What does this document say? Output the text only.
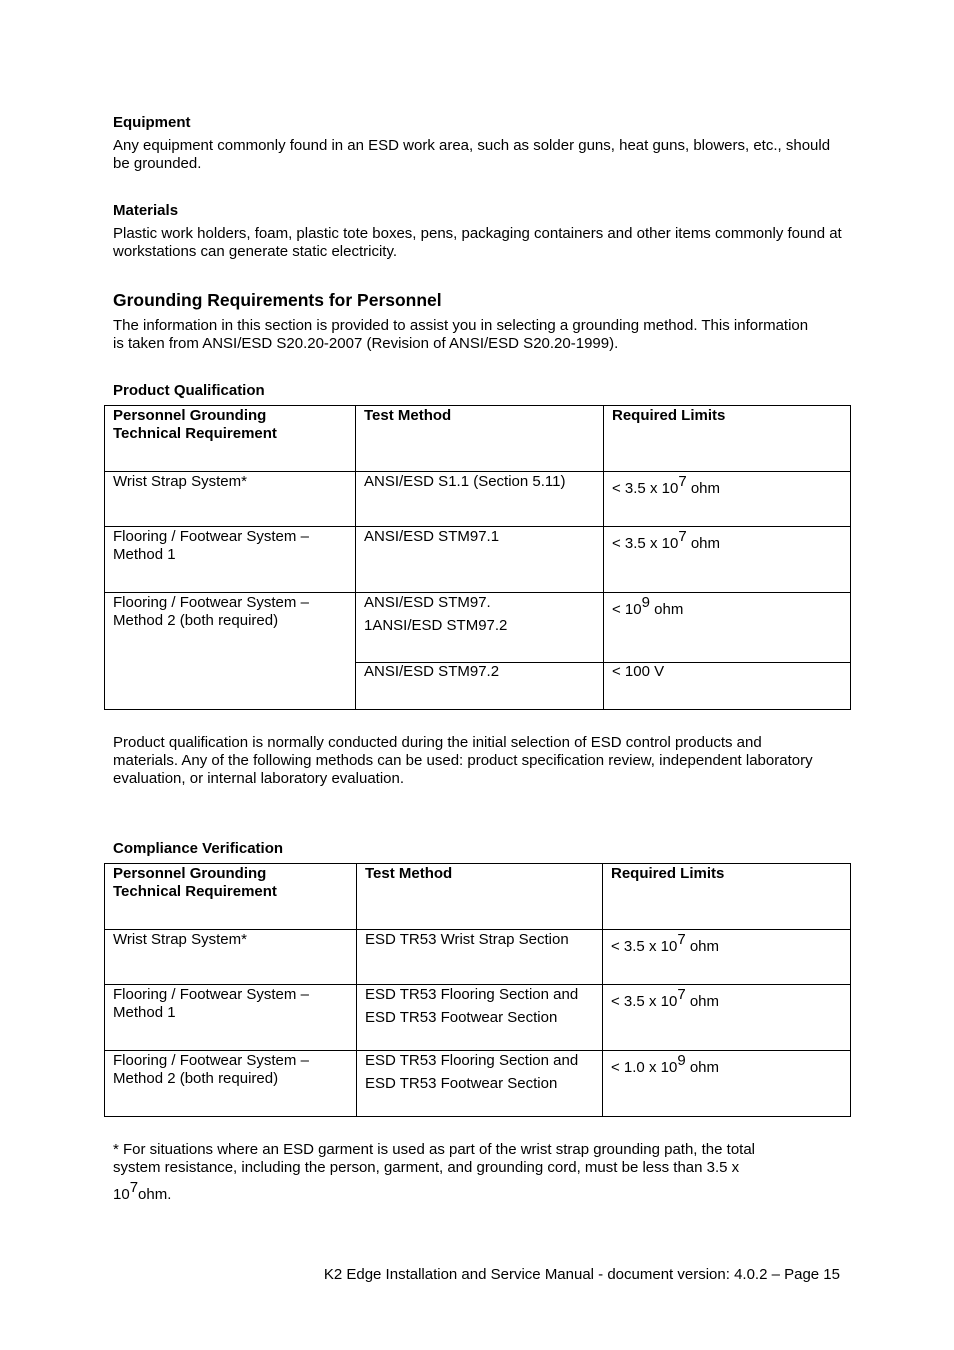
Equipment
Any equipment commonly found in an ESD work area, such as solder guns, heat guns, blowers, etc., should be grounded.
Materials
Plastic work holders, foam, plastic tote boxes, pens, packaging containers and other items commonly found at workstations can generate static electricity.
Grounding Requirements for Personnel
The information in this section is provided to assist you in selecting a grounding method. This information is taken from ANSI/ESD S20.20-2007 (Revision of ANSI/ESD S20.20-1999).
Product Qualification
Personnel Grounding
Technical Requirement	Test Method	Required Limits
Wrist Strap System*	ANSI/ESD S1.1 (Section 5.11)	< 3.5 x $10^7$ ohm

Flooring / Footwear System –
Method 1	ANSI/ESD STM97.1	< 3.5 x $10^7$ ohm

Flooring / Footwear System –
Method 2 (both required)	ANSI/ESD STM97.
1ANSI/ESD STM97.2	< $10^9$ ohm
	ANSI/ESD STM97.2	< 100 V
Product qualification is normally conducted during the initial selection of ESD control products and materials. Any of the following methods can be used: product specification review, independent laboratory evaluation, or internal laboratory evaluation.
Compliance Verification
Personnel Grounding
Technical Requirement	Test Method	Required Limits
Wrist Strap System*	ESD TR53 Wrist Strap Section	< 3.5 x $10^7$ ohm

Flooring / Footwear System –
Method 1	ESD TR53 Flooring Section and
ESD TR53 Footwear Section	< 3.5 x $10^7$ ohm

Flooring / Footwear System –
Method 2 (both required)	ESD TR53 Flooring Section and
ESD TR53 Footwear Section	< 1.0 x $10^9$ ohm
* For situations where an ESD garment is used as part of the wrist strap grounding path, the total
system resistance, including the person, garment, and grounding cord, must be less than 3.5 x
$10^7ohm$.
K2 Edge Installation and Service Manual - document version: 4.0.2 – Page 15
